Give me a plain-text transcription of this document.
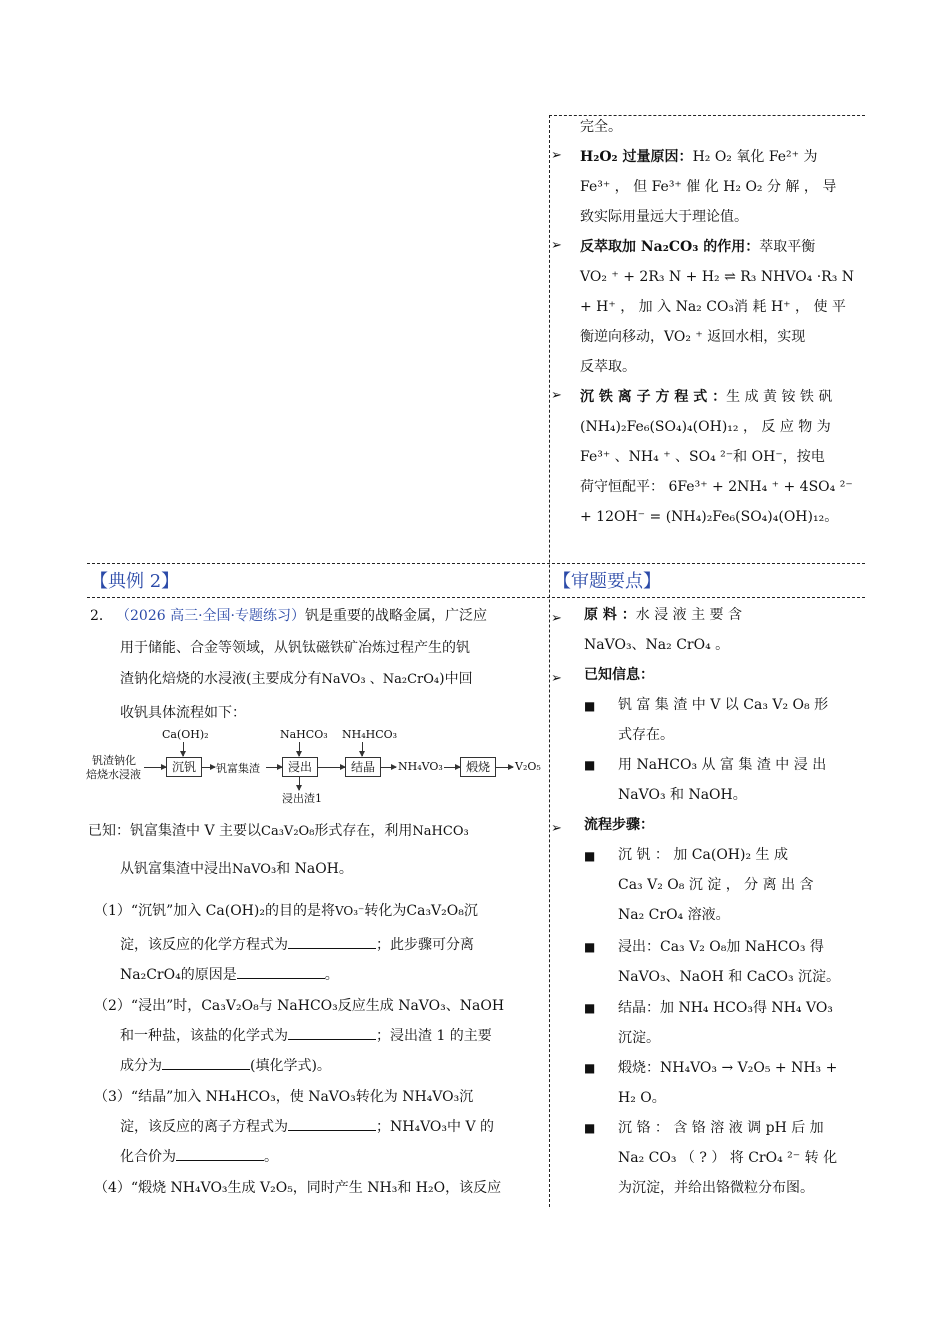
完全。
➢ H₂O₂ 过量原因：H₂ O₂ 氧化 Fe²⁺ 为
Fe³⁺ ， 但 Fe³⁺ 催 化 H₂ O₂ 分 解 ， 导
致实际用量远大于理论值。
➢ 反萃取加 Na₂CO₃ 的作用：萃取平衡
VO₂ ⁺ + 2R₃ N + H₂ ⇌ R₃ NHVO₄ ·R₃ N
+ H⁺ ， 加 入 Na₂ CO₃消 耗 H⁺ ， 使 平
衡逆向移动，VO₂ ⁺ 返回水相，实现
反萃取。
➢ 沉 铁 离 子 方 程 式 ：生 成 黄 铵 铁 矾
(NH₄)₂Fe₆(SO₄)₄(OH)₁₂ ， 反 应 物 为
Fe³⁺ 、NH₄ ⁺ 、SO₄ ²⁻和 OH⁻，按电
荷守恒配平： 6Fe³⁺ + 2NH₄ ⁺ + 4SO₄ ²⁻
+ 12OH⁻ = (NH₄)₂Fe₆(SO₄)₄(OH)₁₂。
【典例 2】	【审题要点】
2． （2026 高三·全国·专题练习）钒是重要的战略金属，广泛应
用于储能、合金等领域，从钒钛磁铁矿冶炼过程产生的钒
渣钠化焙烧的水浸液(主要成分有NaVO₃ 、Na₂CrO₄)中回
收钒具体流程如下：
钒渣钠化
焙烧水浸液
沉钒
Ca(OH)₂
钒富集渣	浸出
NaHCO₃
浸出渣1
结晶
NH₄HCO₃
NH₄VO₃	煅烧	V₂O₅
已知：钒富集渣中 V 主要以Ca₃V₂O₈形式存在，利用NaHCO₃
从钒富集渣中浸出NaVO₃和 NaOH。
（1）“沉钒”加入 Ca(OH)₂的目的是将VO₃⁻转化为Ca₃V₂O₈沉
淀，该反应的化学方程式为	；此步骤可分离
Na₂CrO₄的原因是	。
（2）“浸出”时，Ca₃V₂O₈与 NaHCO₃反应生成 NaVO₃、NaOH
和一种盐，该盐的化学式为	；浸出渣 1 的主要
成分为	(填化学式)。
（3）“结晶”加入 NH₄HCO₃，使 NaVO₃转化为 NH₄VO₃沉
淀，该反应的离子方程式为	；NH₄VO₃中 V 的
化合价为	。
（4）“煅烧 NH₄VO₃生成 V₂O₅，同时产生 NH₃和 H₂O，该反应
➢ 原 料 ：水 浸 液 主 要 含
NaVO₃、Na₂ CrO₄ 。
➢ 已知信息：
■ 钒 富 集 渣 中 V 以 Ca₃ V₂ O₈ 形
式存在。
■ 用 NaHCO₃ 从 富 集 渣 中 浸 出
NaVO₃ 和 NaOH。
➢ 流程步骤：
■ 沉 钒 ： 加 Ca(OH)₂ 生 成
Ca₃ V₂ O₈ 沉 淀 ， 分 离 出 含
Na₂ CrO₄ 溶液。
■ 浸出：Ca₃ V₂ O₈加 NaHCO₃ 得
NaVO₃、NaOH 和 CaCO₃ 沉淀。
■ 结晶：加 NH₄ HCO₃得 NH₄ VO₃
沉淀。
■ 煅烧：NH₄VO₃ → V₂O₅ + NH₃ +
H₂ O。
■ 沉 铬 ： 含 铬 溶 液 调 pH 后 加
Na₂ CO₃ （ ? ） 将 CrO₄ ²⁻ 转 化
为沉淀，并给出铬微粒分布图。
